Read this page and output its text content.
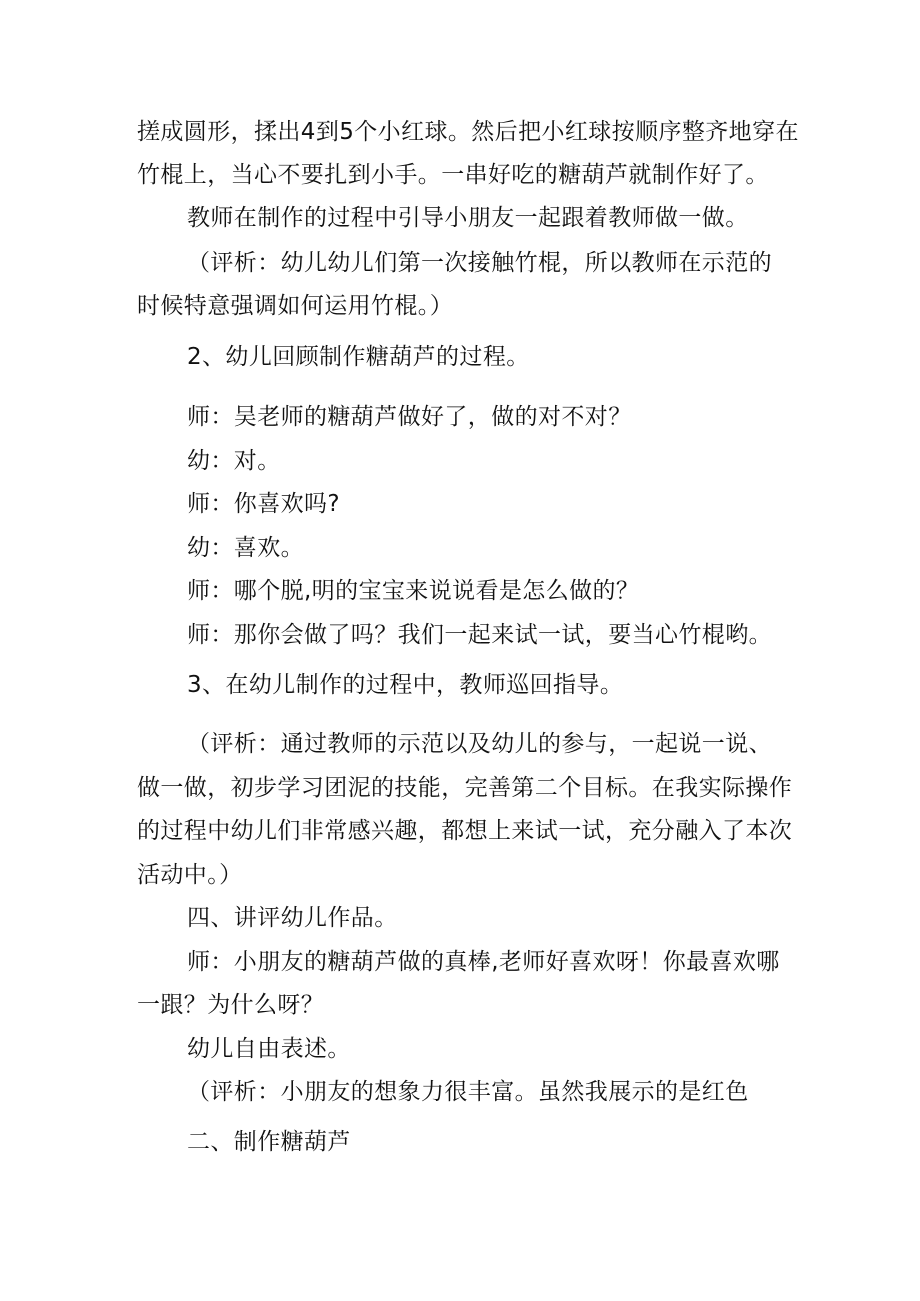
搓成圆形，揉出4到5个小红球。然后把小红球按顺序整齐地穿在
竹棍上，当心不要扎到小手。一串好吃的糖葫芦就制作好了。
教师在制作的过程中引导小朋友一起跟着教师做一做。
（评析：幼儿幼儿们第一次接触竹棍，所以教师在示范的
时候特意强调如何运用竹棍。）
2、幼儿回顾制作糖葫芦的过程。
师：吴老师的糖葫芦做好了，做的对不对？
幼：对。
师：你喜欢吗?
幼：喜欢。
师：哪个脱,明的宝宝来说说看是怎么做的？
师：那你会做了吗？我们一起来试一试，要当心竹棍哟。
3、在幼儿制作的过程中，教师巡回指导。
（评析：通过教师的示范以及幼儿的参与，一起说一说、
做一做，初步学习团泥的技能，完善第二个目标。在我实际操作
的过程中幼儿们非常感兴趣，都想上来试一试，充分融入了本次
活动中。）
四、讲评幼儿作品。
师：小朋友的糖葫芦做的真棒,老师好喜欢呀！你最喜欢哪
一跟？为什么呀？
幼儿自由表述。
（评析：小朋友的想象力很丰富。虽然我展示的是红色
二、制作糖葫芦
